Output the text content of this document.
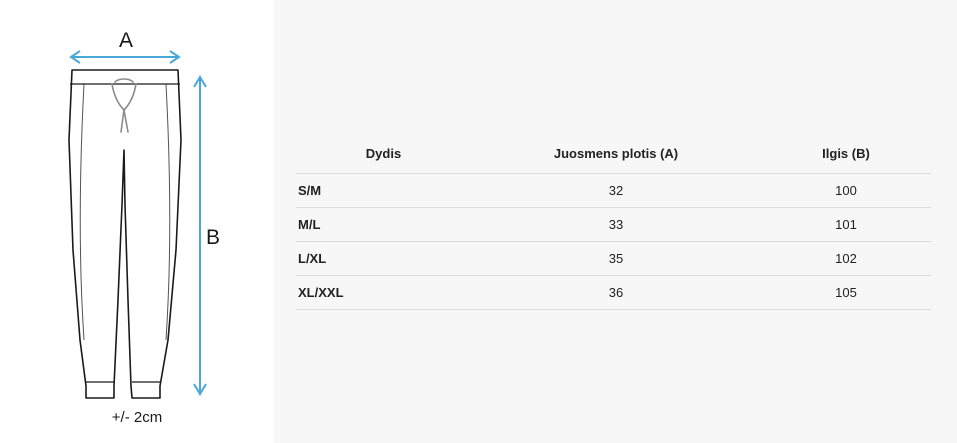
A
B
+/- 2cm
Dydis	Juosmens plotis (A)	Ilgis (B)
S/M	32	100
M/L	33	101
L/XL	35	102
XL/XXL	36	105
